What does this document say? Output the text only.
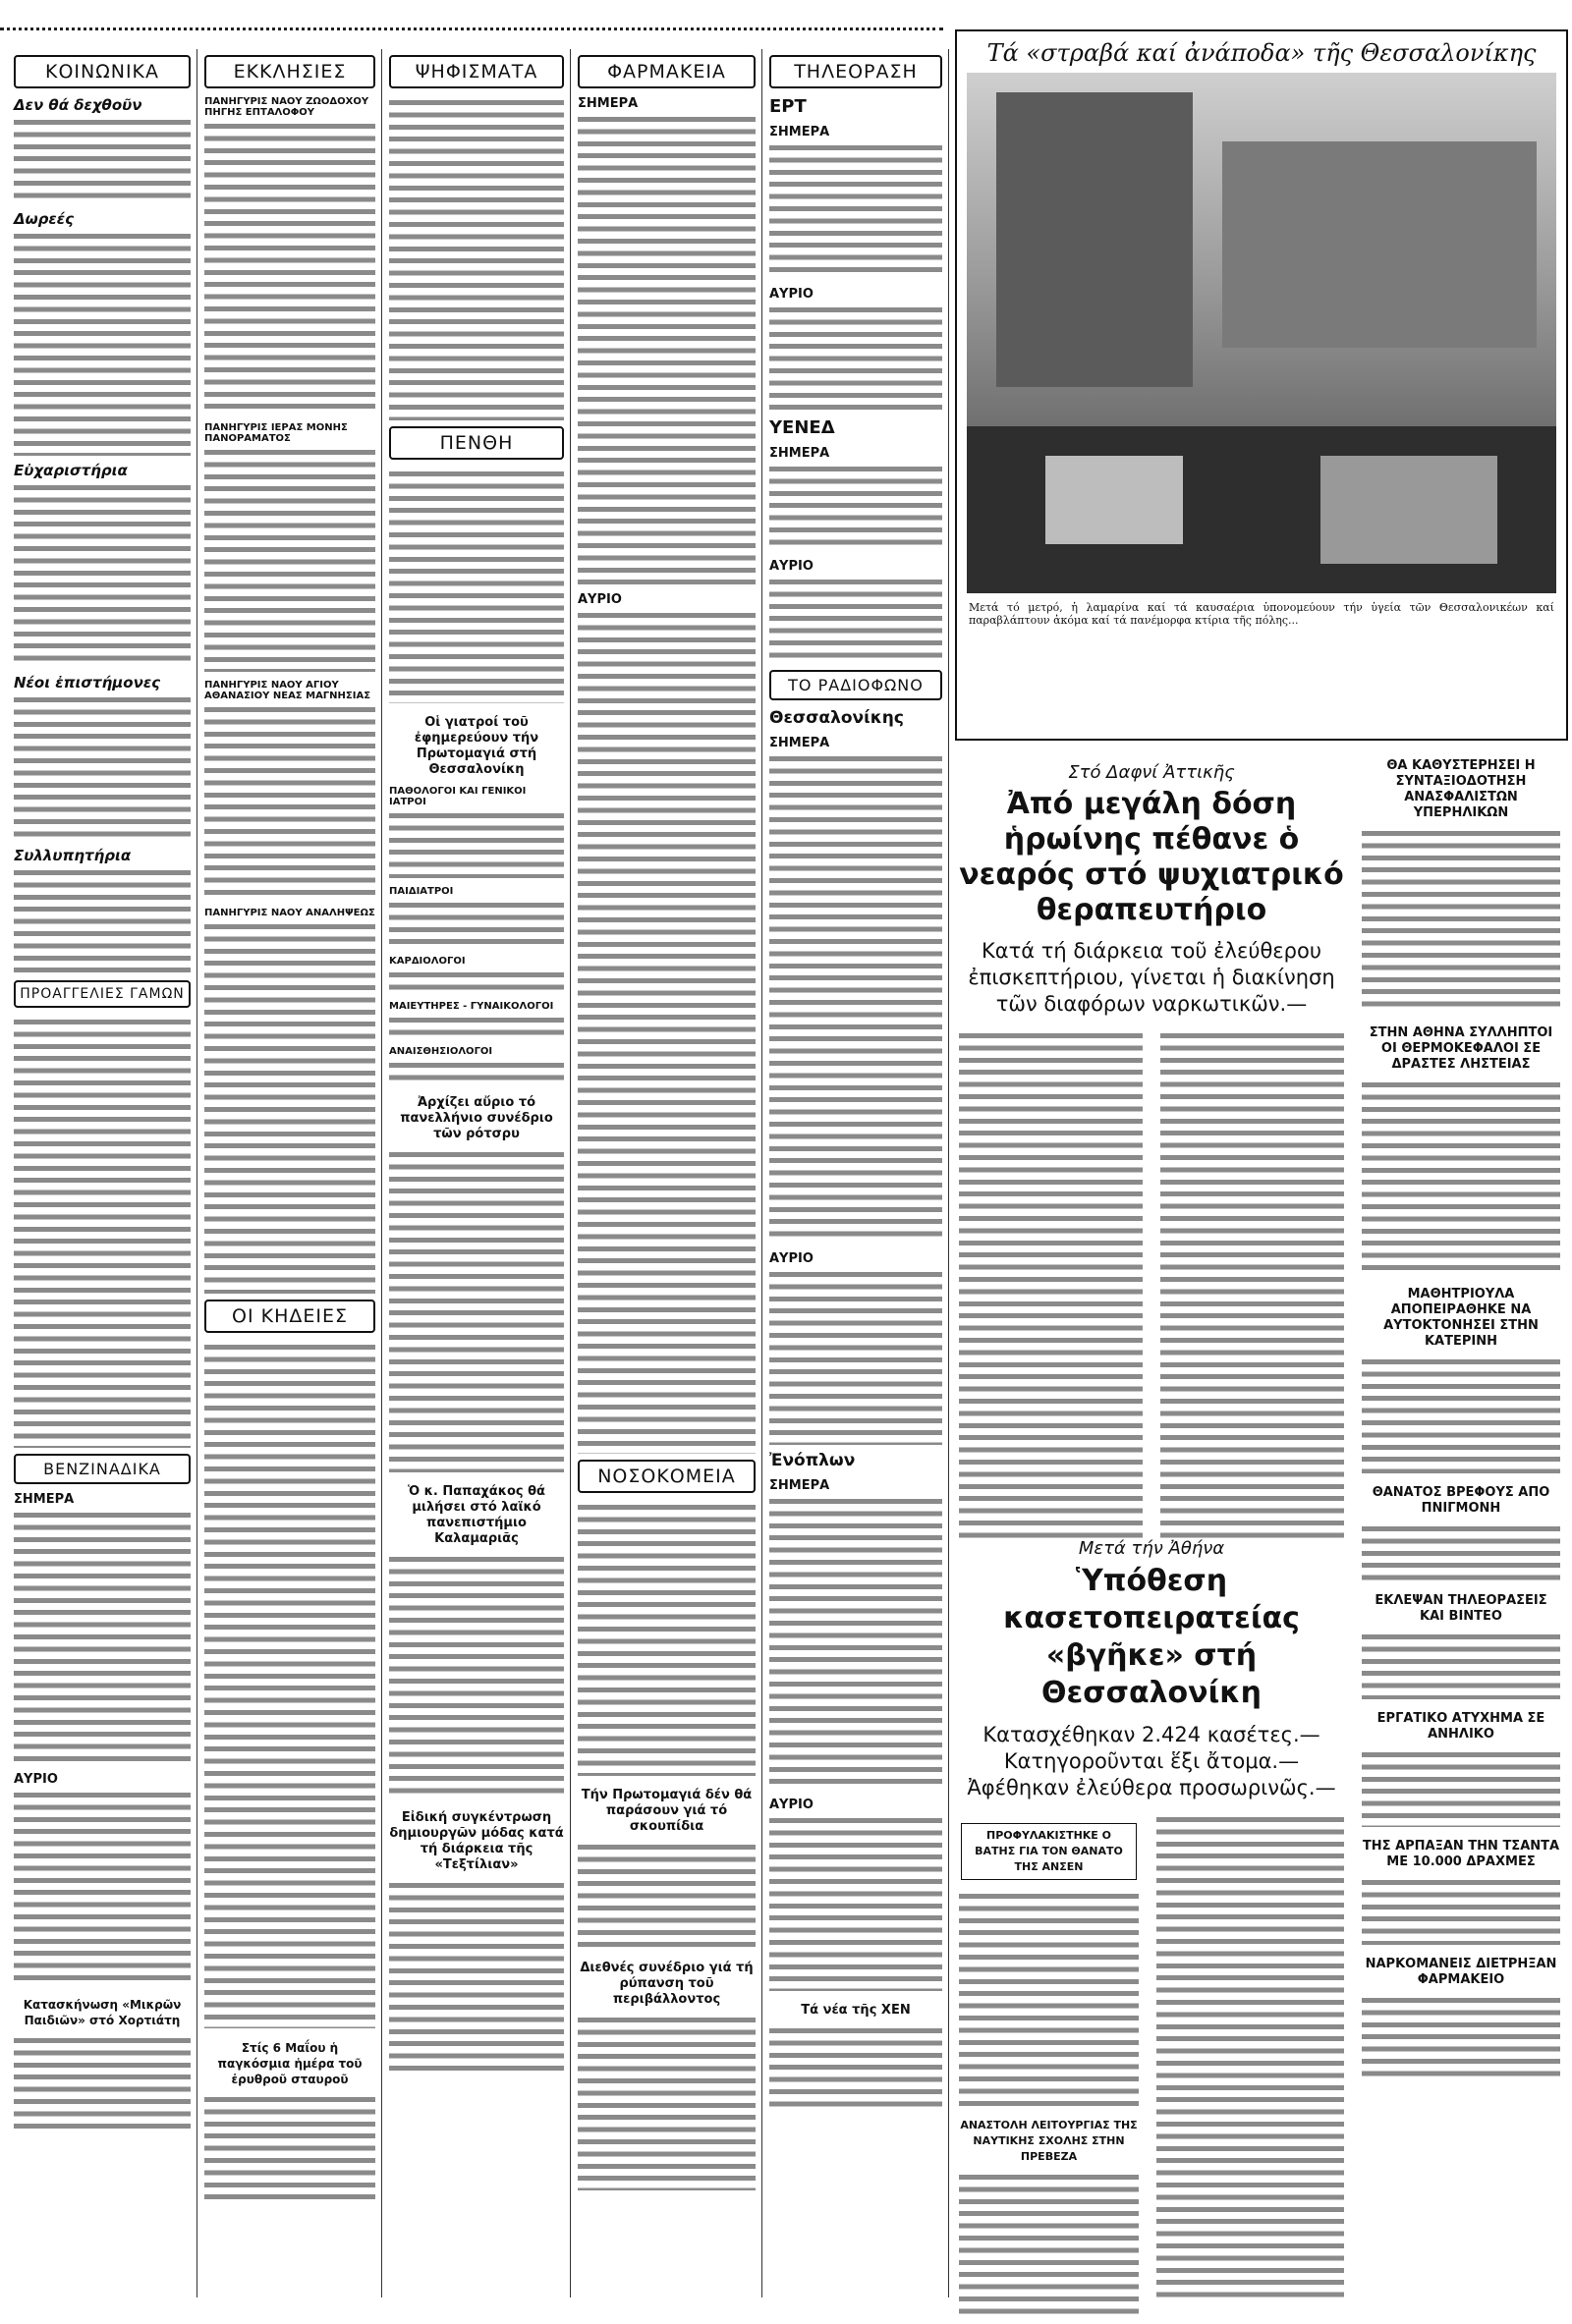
ΚΟΙΝΩΝΙΚΑ
Δεν θά δεχθοῦν

Δωρεές

Εὐχαριστήρια

Νέοι ἐπιστήμονες

Συλλυπητήρια

ΠΡΟΑΓΓΕΛΙΕΣ ΓΑΜΩΝ

ΒΕΝΖΙΝΑΔΙΚΑ
ΣΗΜΕΡΑ

ΑΥΡΙΟ

Κατασκήνωση «Μικρῶν Παιδιῶν» στό Χορτιάτη

ΕΚΚΛΗΣΙΕΣ
ΠΑΝΗΓΥΡΙΣ ΝΑΟΥ ΖΩΟΔΟΧΟΥ ΠΗΓΗΣ ΕΠΤΑΛΟΦΟΥ

ΠΑΝΗΓΥΡΙΣ ΙΕΡΑΣ ΜΟΝΗΣ ΠΑΝΟΡΑΜΑΤΟΣ

ΠΑΝΗΓΥΡΙΣ ΝΑΟΥ ΑΓΙΟΥ ΑΘΑΝΑΣΙΟΥ ΝΕΑΣ ΜΑΓΝΗΣΙΑΣ

ΠΑΝΗΓΥΡΙΣ ΝΑΟΥ ΑΝΑΛΗΨΕΩΣ

ΟΙ ΚΗΔΕΙΕΣ

Στίς 6 Μαΐου ἡ παγκόσμια ἡμέρα τοῦ ἐρυθροῦ σταυροῦ

ΨΗΦΙΣΜΑΤΑ

ΠΕΝΘΗ

Οἱ γιατροί τοῦ ἐφημερεύουν τήν Πρωτομαγιά στή Θεσσαλονίκη
ΠΑΘΟΛΟΓΟΙ ΚΑΙ ΓΕΝΙΚΟΙ ΙΑΤΡΟΙ

ΠΑΙΔΙΑΤΡΟΙ

ΚΑΡΔΙΟΛΟΓΟΙ

ΜΑΙΕΥΤΗΡΕΣ - ΓΥΝΑΙΚΟΛΟΓΟΙ

ΑΝΑΙΣΘΗΣΙΟΛΟΓΟΙ

Ἀρχίζει αὔριο τό πανελλήνιο συνέδριο τῶν ρότσρυ

Ὁ κ. Παπαχάκος θά μιλήσει στό λαϊκό πανεπιστήμιο Καλαμαριᾶς

Εἰδική συγκέντρωση δημιουργῶν μόδας κατά τή διάρκεια τῆς «Τεξτίλιαν»

ΦΑΡΜΑΚΕΙΑ
ΣΗΜΕΡΑ

ΑΥΡΙΟ

ΝΟΣΟΚΟΜΕΙΑ

Τήν Πρωτομαγιά δέν θά παράσουν γιά τό σκουπίδια

Διεθνές συνέδριο γιά τή ρύπανση τοῦ περιβάλλοντος

ΤΗΛΕΟΡΑΣΗ
ΕΡΤ
ΣΗΜΕΡΑ

ΑΥΡΙΟ

ΥΕΝΕΔ
ΣΗΜΕΡΑ

ΑΥΡΙΟ

ΤΟ ΡΑΔΙΟΦΩΝΟ
Θεσσαλονίκης
ΣΗΜΕΡΑ

ΑΥΡΙΟ

Ἐνόπλων
ΣΗΜΕΡΑ

ΑΥΡΙΟ

Τά νέα τῆς ΧΕΝ

Τά «στραβά καί ἀνάποδα» τῆς Θεσσαλονίκης
Μετά τό μετρό, ἡ λαμαρίνα καί τά καυσαέρια ὑπονομεύουν τήν ὑγεία τῶν Θεσσαλονικέων καί παραβλάπτουν ἀκόμα καί τά πανέμορφα κτίρια τῆς πόλης...
Στό Δαφνί Ἀττικῆς
Ἀπό μεγάλη δόση ἡρωίνης πέθανε ὁ νεαρός στό ψυχιατρικό θεραπευτήριο
Κατά τή διάρκεια τοῦ ἐλεύθερου ἐπισκεπτήριου, γίνεται ἡ διακίνηση τῶν διαφόρων ναρκωτικῶν.—

Μετά τήν Ἀθήνα
Ὑπόθεση κασετοπειρατείας «βγῆκε» στή Θεσσαλονίκη
Κατασχέθηκαν 2.424 κασέτες.— Κατηγοροῦνται ἕξι ἄτομα.— Ἀφέθηκαν ἐλεύθερα προσωρινῶς.—
ΠΡΟΦΥΛΑΚΙΣΤΗΚΕ Ο ΒΑΤΗΣ ΓΙΑ ΤΟΝ ΘΑΝΑΤΟ ΤΗΣ ΑΝΣΕΝ

ΑΝΑΣΤΟΛΗ ΛΕΙΤΟΥΡΓΙΑΣ ΤΗΣ ΝΑΥΤΙΚΗΣ ΣΧΟΛΗΣ ΣΤΗΝ ΠΡΕΒΕΖΑ

ΘΑ ΚΑΘΥΣΤΕΡΗΣΕΙ Η ΣΥΝΤΑΞΙΟΔΟΤΗΣΗ ΑΝΑΣΦΑΛΙΣΤΩΝ ΥΠΕΡΗΛΙΚΩΝ

ΣΤΗΝ ΑΘΗΝΑ ΣΥΛΛΗΠΤΟΙ ΟΙ ΘΕΡΜΟΚΕΦΑΛΟΙ ΣΕ ΔΡΑΣΤΕΣ ΛΗΣΤΕΙΑΣ

ΜΑΘΗΤΡΙΟΥΛΑ ΑΠΟΠΕΙΡΑΘΗΚΕ ΝΑ ΑΥΤΟΚΤΟΝΗΣΕΙ ΣΤΗΝ ΚΑΤΕΡΙΝΗ

ΘΑΝΑΤΟΣ ΒΡΕΦΟΥΣ ΑΠΟ ΠΝΙΓΜΟΝΗ

ΕΚΛΕΨΑΝ ΤΗΛΕΟΡΑΣΕΙΣ ΚΑΙ ΒΙΝΤΕΟ

ΕΡΓΑΤΙΚΟ ΑΤΥΧΗΜΑ ΣΕ ΑΝΗΛΙΚΟ

ΤΗΣ ΑΡΠΑΞΑΝ ΤΗΝ ΤΣΑΝΤΑ ΜΕ 10.000 ΔΡΑΧΜΕΣ

ΝΑΡΚΟΜΑΝΕΙΣ ΔΙΕΤΡΗΞΑΝ ΦΑΡΜΑΚΕΙΟ
